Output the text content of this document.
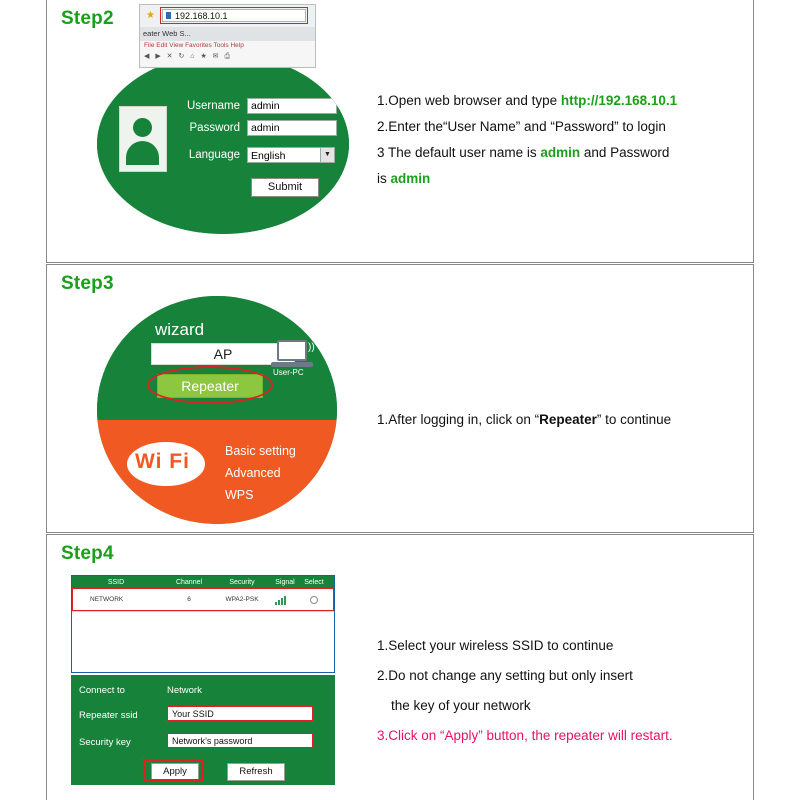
Step2
Username	admin
Password	admin
Language	English	▼
Submit
★	192.168.10.1
eater Web S...
File Edit View Favorites Tools Help
◀ ▶ ✕ ↻ ⌂ ★ ✉ ⎙
1.Open web browser and type http://192.168.10.1
2.Enter the“User Name” and “Password” to login
3 The default user name is admin and Password
is admin
Step3
wizard
AP
Repeater
))
User-PC
Wi Fi	Basic setting
Advanced
WPS
1.After logging in, click on “Repeater” to continue
Step4
SSID	Channel	Security	Signal	Select
NETWORK	6	WPA2-PSK
Connect to	Network
Repeater ssid	Your SSID
Security key	Network’s password
Apply	Refresh
1.Select your wireless SSID to continue
2.Do not change any setting but only insert
the key of your network
3.Click on “Apply” button, the repeater will restart.
